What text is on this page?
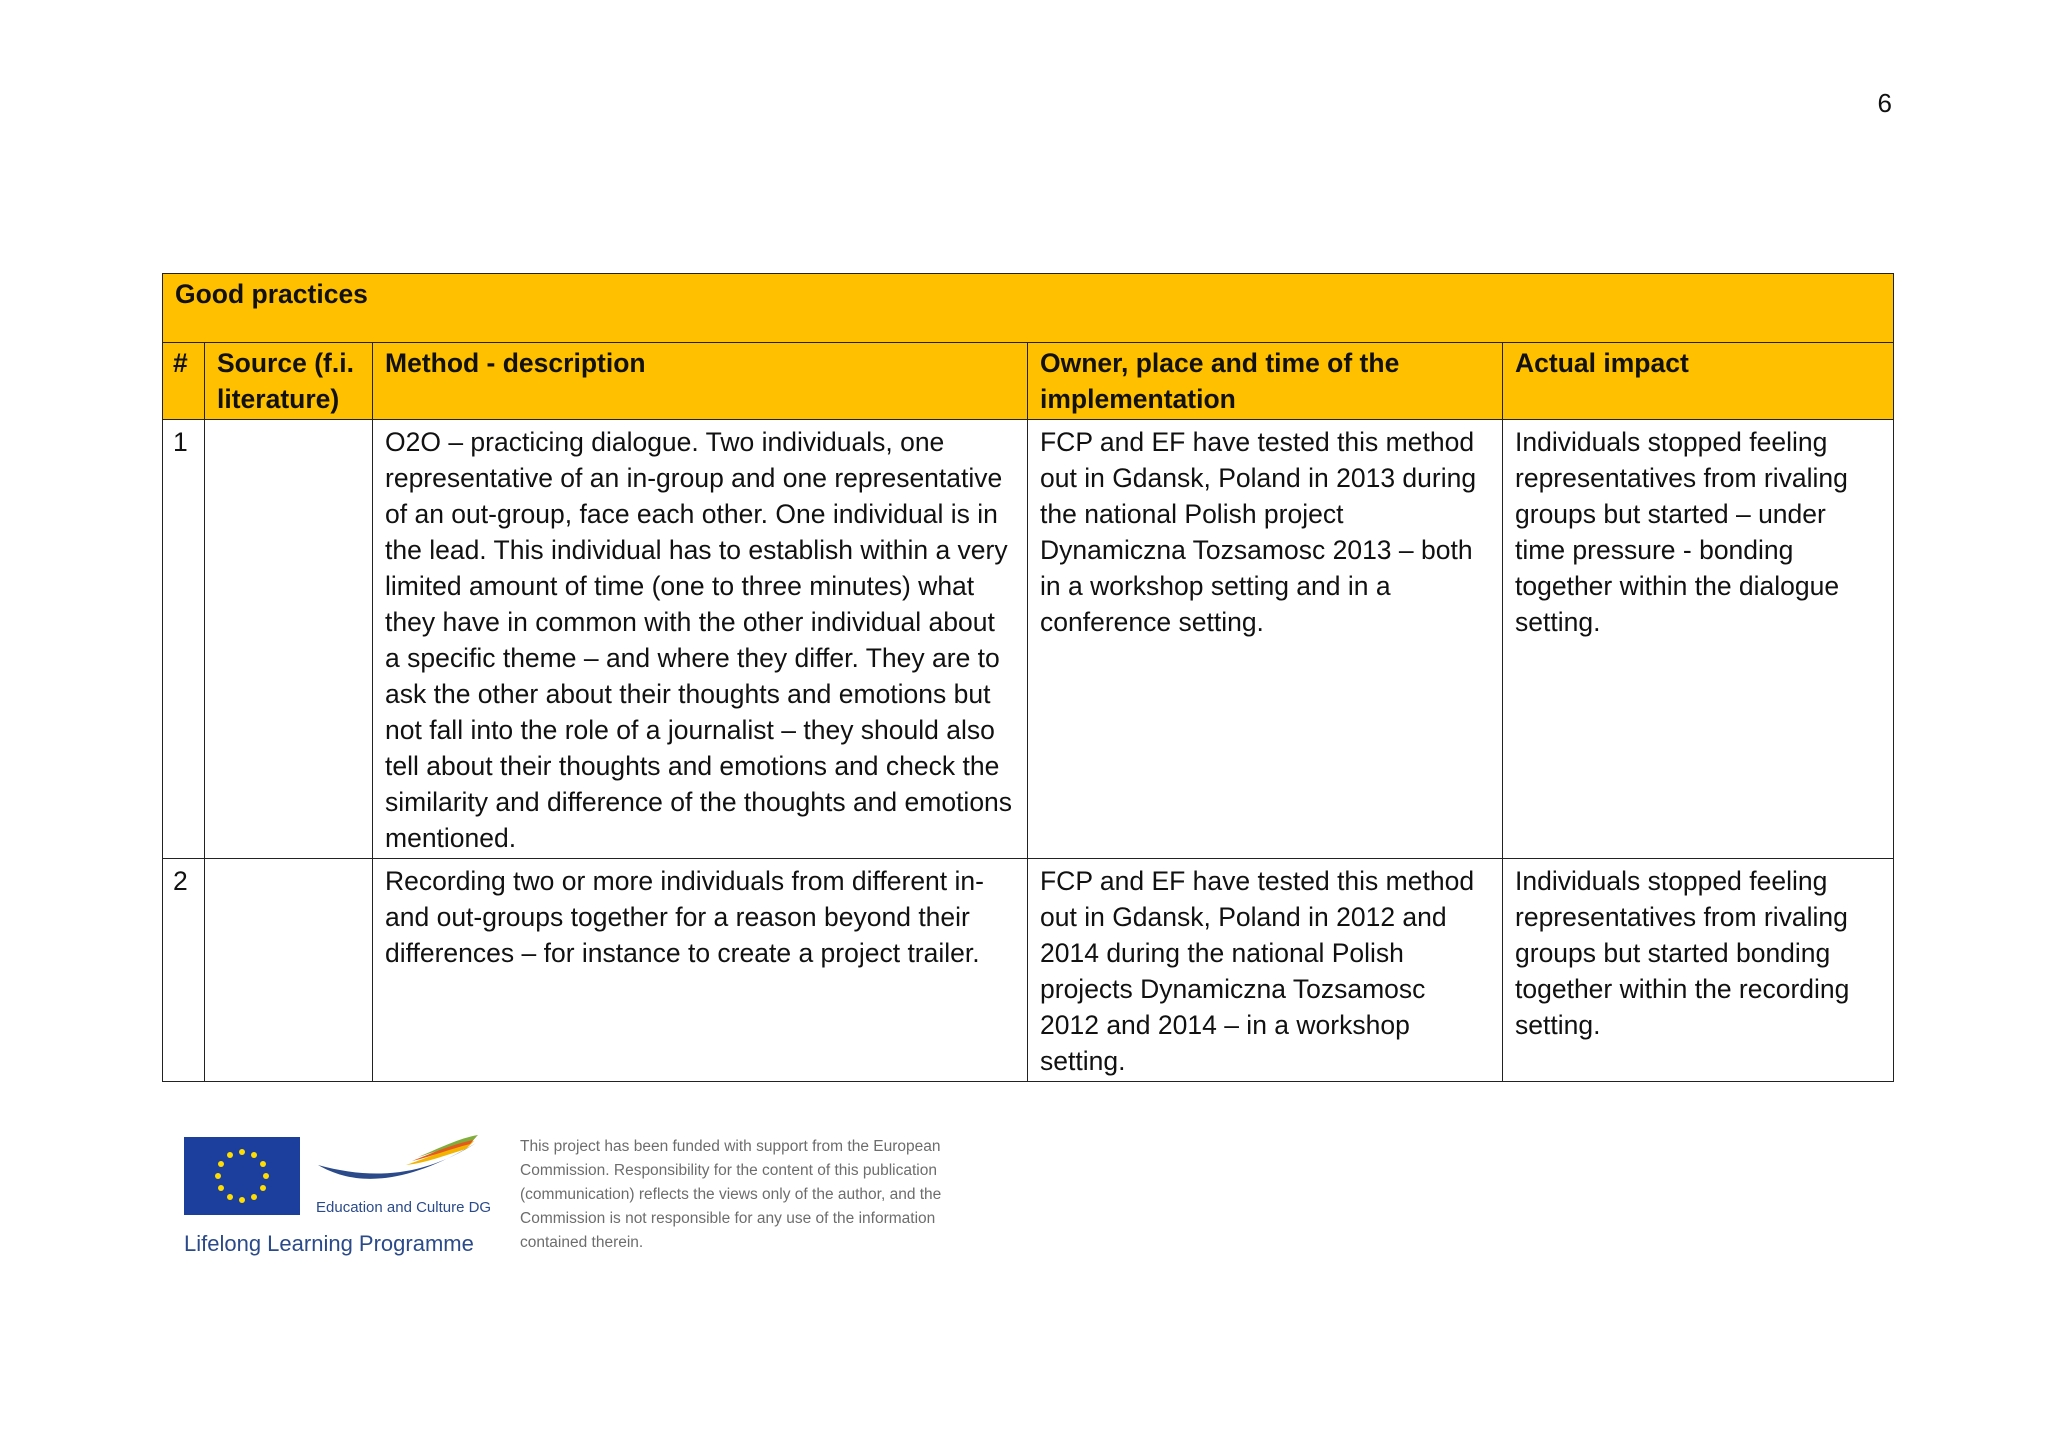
6
Good practices				
#	Source (f.i. literature)	Method - description	Owner, place and time of the implementation	Actual impact
1		O2O – practicing dialogue. Two individuals, one representative of an in-group and one representative of an out-group, face each other. One individual is in the lead. This individual has to establish within a very limited amount of time (one to three minutes) what they have in common with the other individual about a specific theme – and where they differ. They are to ask the other about their thoughts and emotions but not fall into the role of a journalist – they should also tell about their thoughts and emotions and check the similarity and difference of the thoughts and emotions mentioned.	FCP and EF have tested this method out in Gdansk, Poland in 2013 during the national Polish project Dynamiczna Tozsamosc 2013 – both in a workshop setting and in a conference setting.	Individuals stopped feeling representatives from rivaling groups but started – under time pressure - bonding together within the dialogue setting.
2		Recording two or more individuals from different in- and out-groups together for a reason beyond their differences – for instance to create a project trailer.	FCP and EF have tested this method out in Gdansk, Poland in 2012 and 2014 during the national Polish projects Dynamiczna Tozsamosc 2012 and 2014 – in a workshop setting.	Individuals stopped feeling representatives from rivaling groups but started bonding together within the recording setting.
Education and Culture DG
Lifelong Learning Programme
This project has been funded with support from the European
Commission. Responsibility for the content of this publication
(communication) reflects the views only of the author, and the
Commission is not responsible for any use of the information
contained therein.
